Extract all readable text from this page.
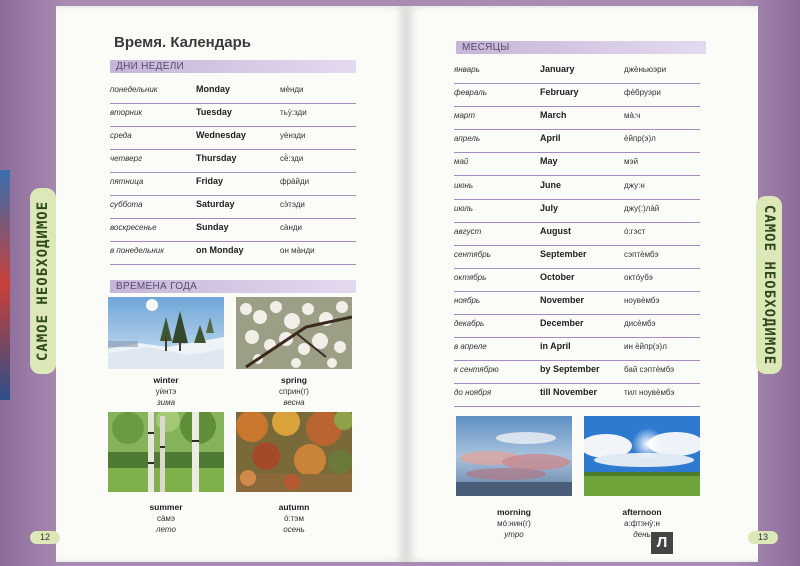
САМОЕ НЕОБХОДИМОЕ
Время. Календарь
ДНИ НЕДЕЛИ
понедельник	Monday	мѐнди
вторник	Tuesday	тьỳ:зди
среда	Wednesday	уѐнзди
четверг	Thursday	сё̀:зди
пятница	Friday	фрàйди
суббота	Saturday	сэ̀тэди
воскресенье	Sunday	сàнди
в понедельник	on Monday	он мàнди
ВРЕМЕНА ГОДА
winter
уѝнтэ
зима
spring
сприн(г)
весна
summer
сàмэ
лето
autumn
ó:тэм
осень
12
САМОЕ НЕОБХОДИМОЕ
МЕСЯЦЫ
январь	January	джѐньюэри
февраль	February	фѐбруэри
март	March	мà:ч
апрель	April	ѐйпр(э)л
май	May	мэй
июнь	June	джу:н
июль	July	джу(:)лàй
август	August	ó:гэст
сентябрь	September	сэптѐмбэ
октябрь	October	октóубэ
ноябрь	November	ноувѐмбэ
декабрь	December	дисѐмбэ
в апреле	in April	ин ѐйпр(э)л
к сентябрю	by September	бай сэптѐмбэ
до ноября	till November	тил ноувѐмбэ
morning
мó:нин(г)
утро
afternoon
а:фтэнỳ:н
день	13
Л ru
